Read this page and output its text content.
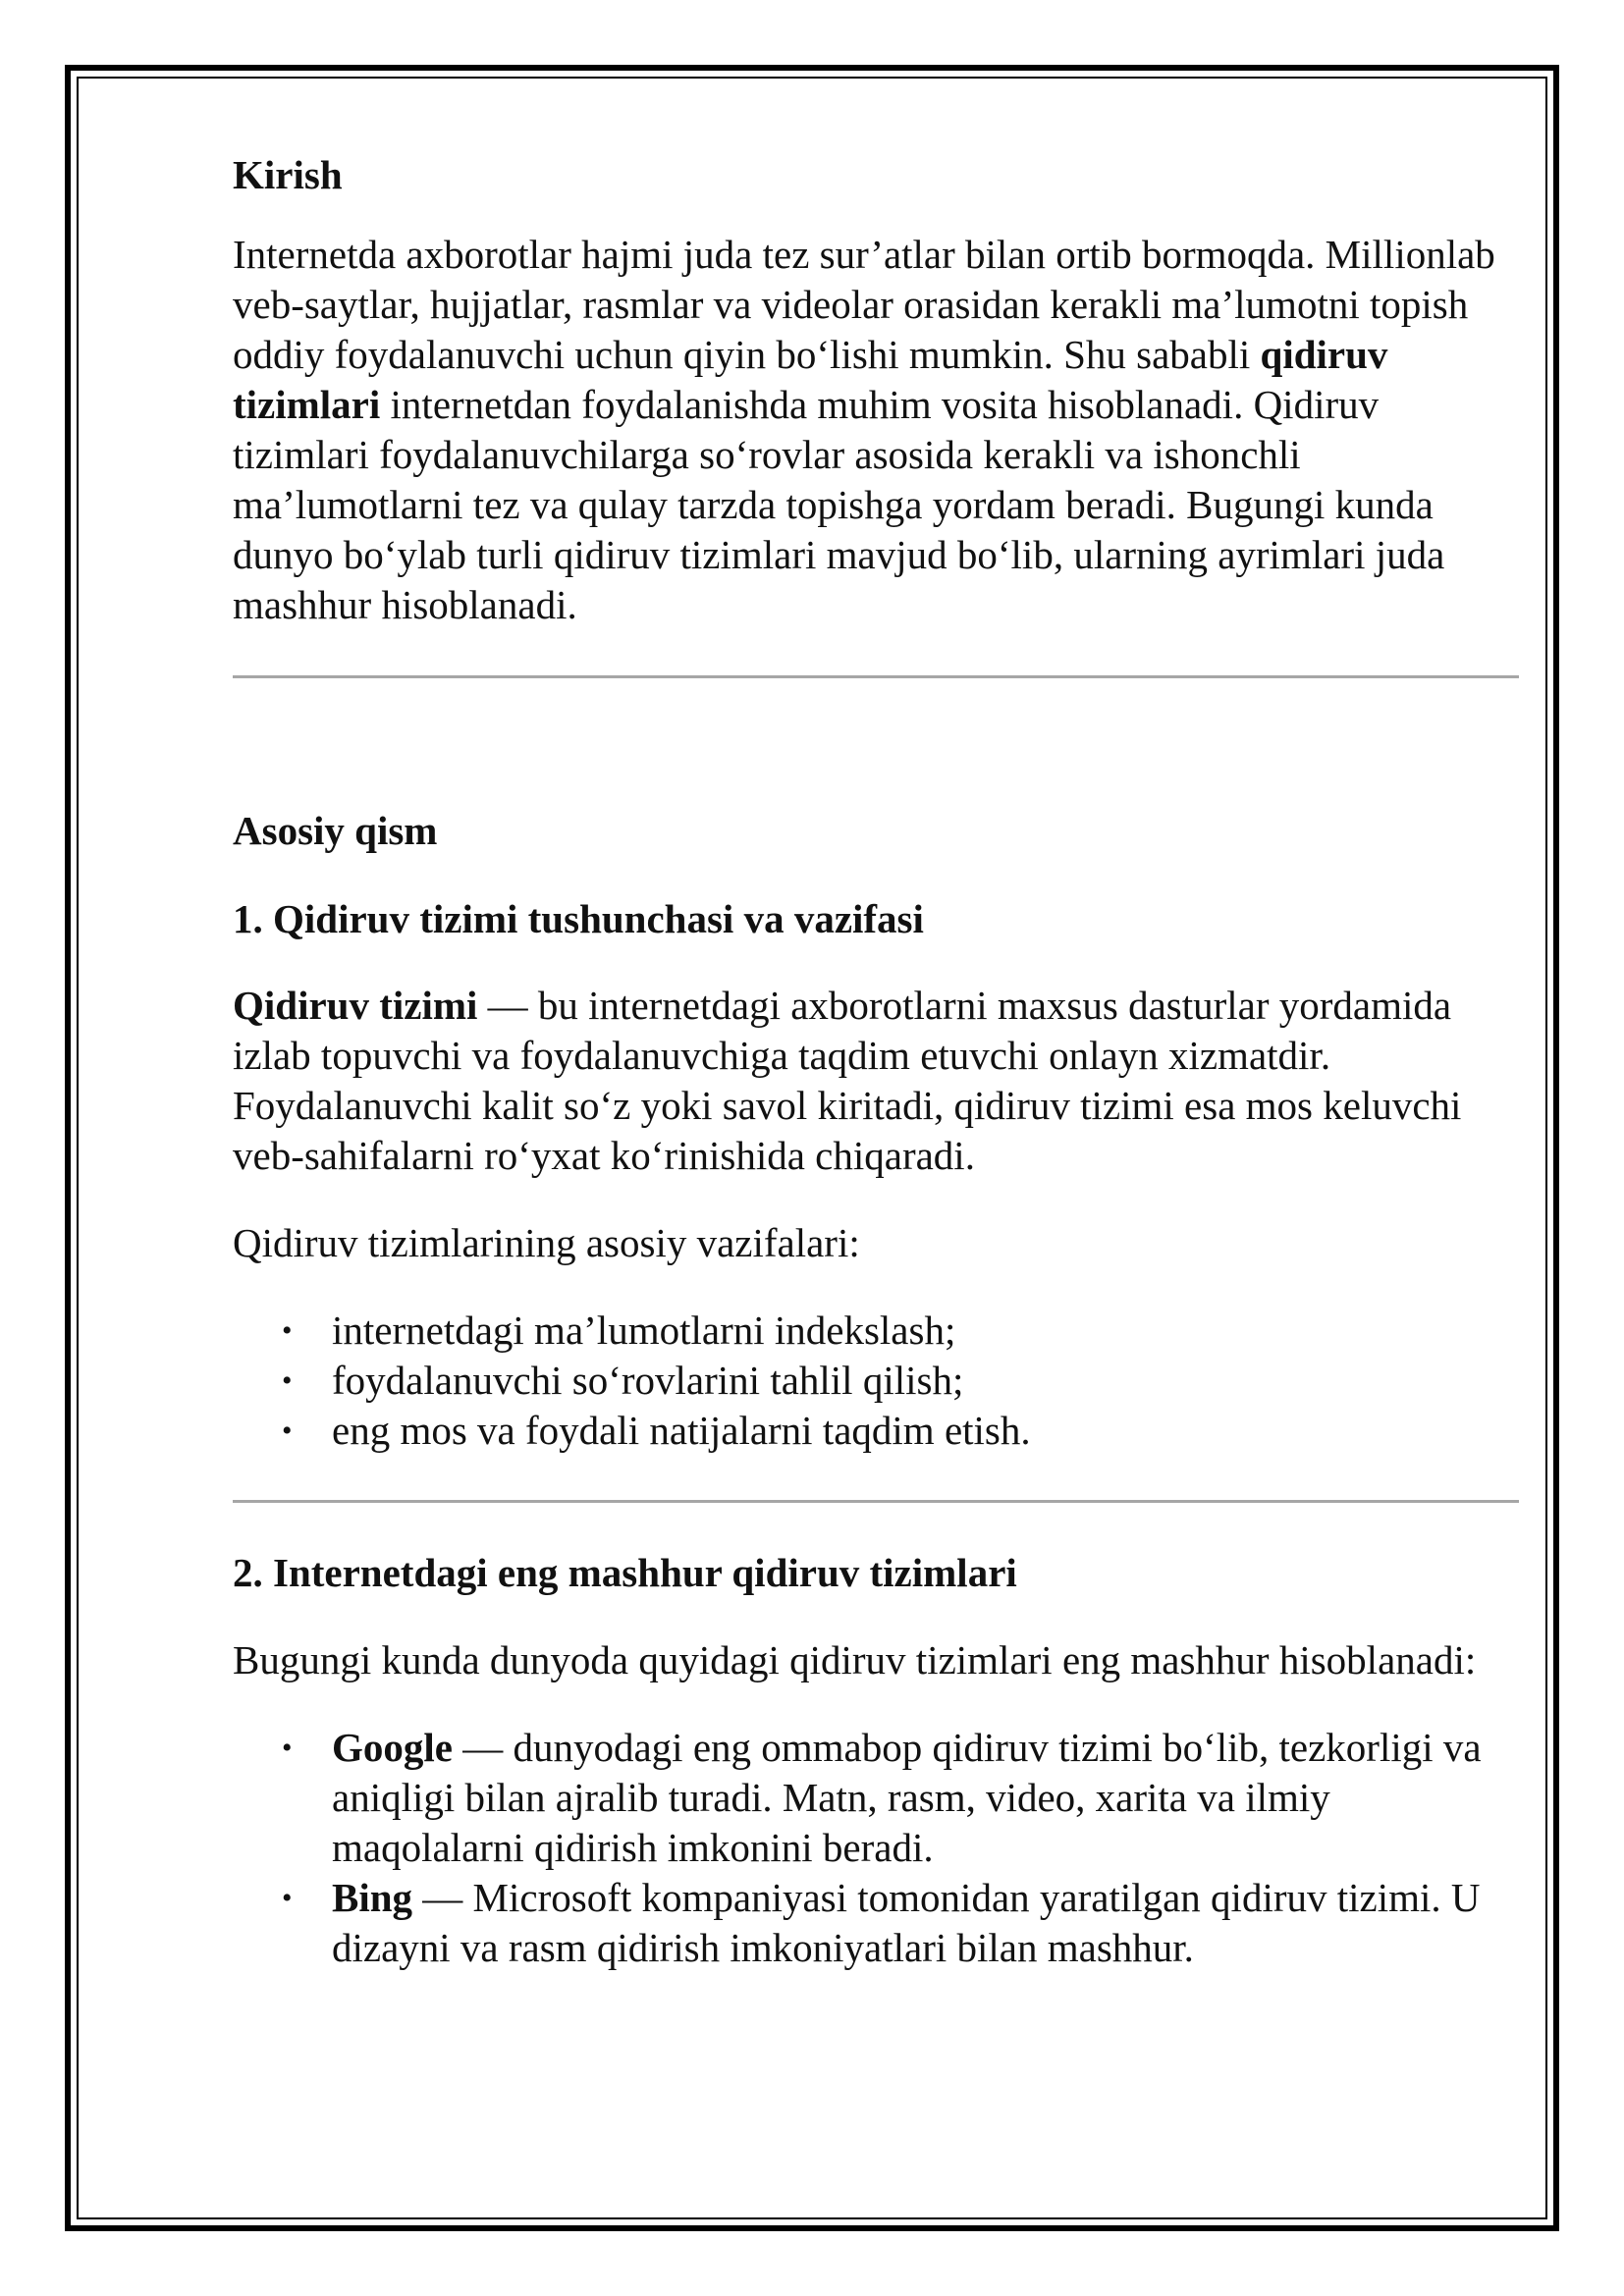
Kirish

Internetda axborotlar hajmi juda tez sur’atlar bilan ortib bormoqda. Millionlab veb-saytlar, hujjatlar, rasmlar va videolar orasidan kerakli ma’lumotni topish oddiy foydalanuvchi uchun qiyin bo‘lishi mumkin. Shu sababli qidiruv tizimlari internetdan foydalanishda muhim vosita hisoblanadi. Qidiruv tizimlari foydalanuvchilarga so‘rovlar asosida kerakli va ishonchli ma’lumotlarni tez va qulay tarzda topishga yordam beradi. Bugungi kunda dunyo bo‘ylab turli qidiruv tizimlari mavjud bo‘lib, ularning ayrimlari juda mashhur hisoblanadi.

Asosiy qism
1. Qidiruv tizimi tushunchasi va vazifasi

Qidiruv tizimi — bu internetdagi axborotlarni maxsus dasturlar yordamida izlab topuvchi va foydalanuvchiga taqdim etuvchi onlayn xizmatdir. Foydalanuvchi kalit so‘z yoki savol kiritadi, qidiruv tizimi esa mos keluvchi veb-sahifalarni ro‘yxat ko‘rinishida chiqaradi.

Qidiruv tizimlarining asosiy vazifalari:

• internetdagi ma’lumotlarni indekslash;
• foydalanuvchi so‘rovlarini tahlil qilish;
• eng mos va foydali natijalarni taqdim etish.
2. Internetdagi eng mashhur qidiruv tizimlari

Bugungi kunda dunyoda quyidagi qidiruv tizimlari eng mashhur hisoblanadi:

• Google — dunyodagi eng ommabop qidiruv tizimi bo‘lib, tezkorligi va aniqligi bilan ajralib turadi. Matn, rasm, video, xarita va ilmiy maqolalarni qidirish imkonini beradi.
• Bing — Microsoft kompaniyasi tomonidan yaratilgan qidiruv tizimi. U dizayni va rasm qidirish imkoniyatlari bilan mashhur.
